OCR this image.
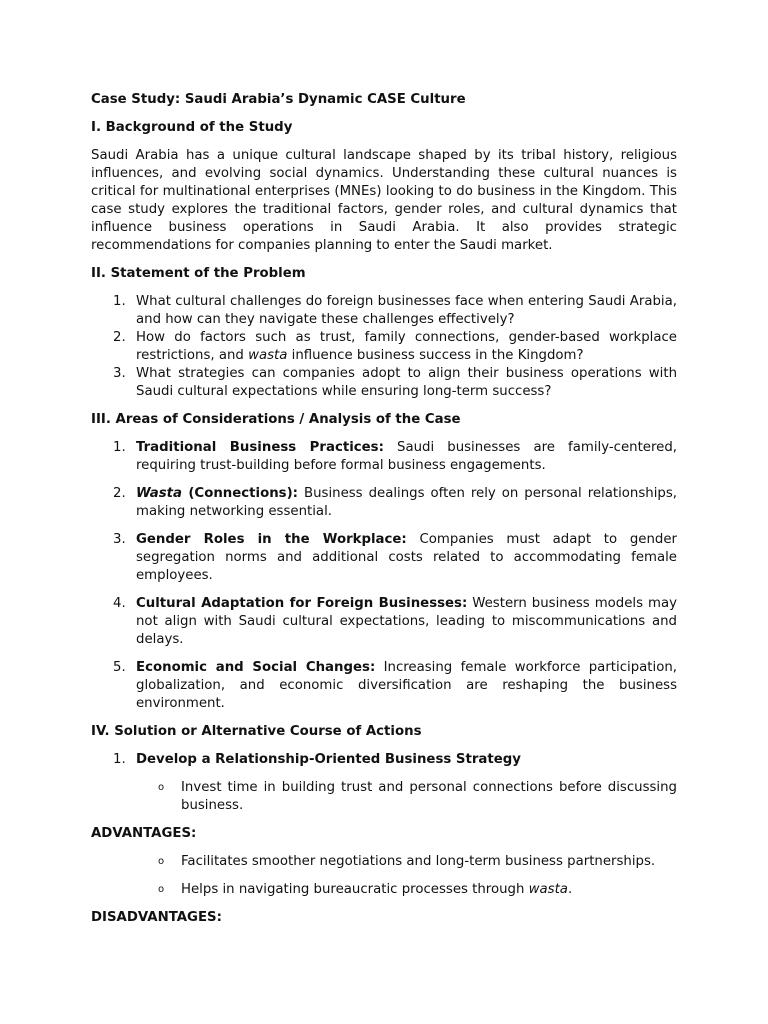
Case Study: Saudi Arabia’s Dynamic CASE Culture
I. Background of the Study
Saudi Arabia has a unique cultural landscape shaped by its tribal history, religious influences, and evolving social dynamics. Understanding these cultural nuances is critical for multinational enterprises (MNEs) looking to do business in the Kingdom. This case study explores the traditional factors, gender roles, and cultural dynamics that influence business operations in Saudi Arabia. It also provides strategic recommendations for companies planning to enter the Saudi market.
II. Statement of the Problem
1. What cultural challenges do foreign businesses face when entering Saudi Arabia, and how can they navigate these challenges effectively?
2. How do factors such as trust, family connections, gender-based workplace restrictions, and wasta influence business success in the Kingdom?
3. What strategies can companies adopt to align their business operations with Saudi cultural expectations while ensuring long-term success?
III. Areas of Considerations / Analysis of the Case
1. Traditional Business Practices: Saudi businesses are family-centered, requiring trust-building before formal business engagements.
2. Wasta (Connections): Business dealings often rely on personal relationships, making networking essential.
3. Gender Roles in the Workplace: Companies must adapt to gender segregation norms and additional costs related to accommodating female employees.
4. Cultural Adaptation for Foreign Businesses: Western business models may not align with Saudi cultural expectations, leading to miscommunications and delays.
5. Economic and Social Changes: Increasing female workforce participation, globalization, and economic diversification are reshaping the business environment.
IV. Solution or Alternative Course of Actions
1. Develop a Relationship-Oriented Business Strategy
o Invest time in building trust and personal connections before discussing business.
ADVANTAGES:
o Facilitates smoother negotiations and long-term business partnerships.
o Helps in navigating bureaucratic processes through wasta.
DISADVANTAGES:
